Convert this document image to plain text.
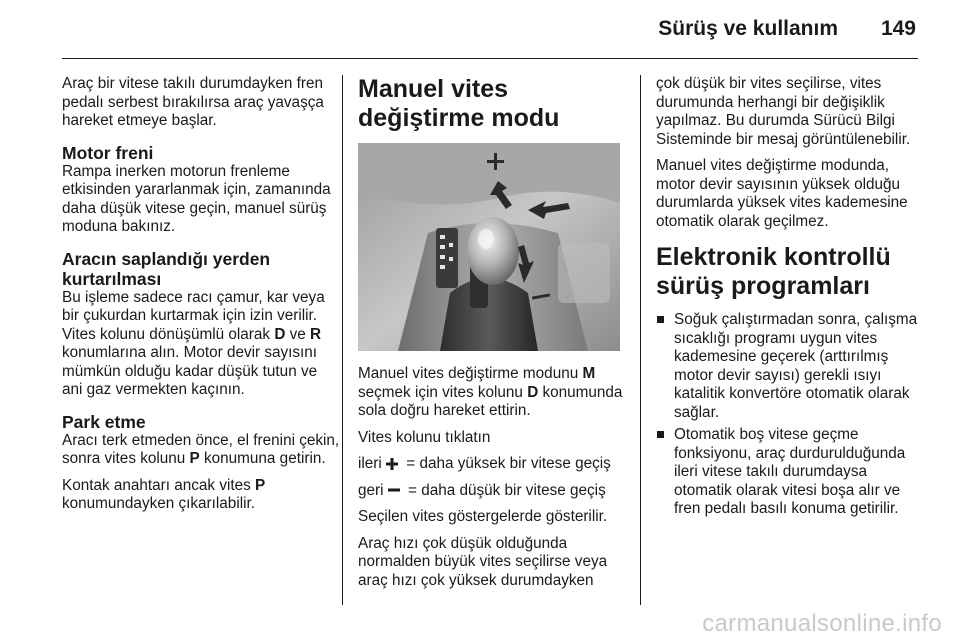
Sürüş ve kullanım 149

Araç bir vitese takılı durumdayken fren pedalı serbest bırakılırsa araç yavaşça hareket etmeye başlar.

Motor freni

Rampa inerken motorun frenleme etkisinden yararlanmak için, zamanında daha düşük vitese geçin, manuel sürüş moduna bakınız.

Aracın saplandığı yerden kurtarılması

Bu işleme sadece racı çamur, kar veya bir çukurdan kurtarmak için izin verilir. Vites kolunu dönüşümlü olarak D ve R konumlarına alın. Motor devir sayısını mümkün olduğu kadar düşük tutun ve ani gaz vermekten kaçının.

Park etme

Aracı terk etmeden önce, el frenini çekin, sonra vites kolunu P konumuna getirin.

Kontak anahtarı ancak vites P konumundayken çıkarılabilir.

Manuel vites değiştirme modu

Manuel vites değiştirme modunu M seçmek için vites kolunu D konumunda sola doğru hareket ettirin.

Vites kolunu tıklatın

ileri  = daha yüksek bir vitese geçiş

geri  = daha düşük bir vitese geçiş

Seçilen vites göstergelerde gösterilir.

Araç hızı çok düşük olduğunda normalden büyük vites seçilirse veya araç hızı çok yüksek durumdayken

çok düşük bir vites seçilirse, vites durumunda herhangi bir değişiklik yapılmaz. Bu durumda Sürücü Bilgi Sisteminde bir mesaj görüntülenebilir.

Manuel vites değiştirme modunda, motor devir sayısının yüksek olduğu durumlarda yüksek vites kademesine otomatik olarak geçilmez.

Elektronik kontrollü sürüş programları
Soğuk çalıştırmadan sonra, çalışma sıcaklığı programı uygun vites kademesine geçerek (arttırılmış motor devir sayısı) gerekli ısıyı katalitik konvertöre otomatik olarak sağlar.
Otomatik boş vitese geçme fonksiyonu, araç durdurulduğunda ileri vitese takılı durumdaysa otomatik olarak vitesi boşa alır ve fren pedalı basılı konuma getirilir.
carmanualsonline.info
